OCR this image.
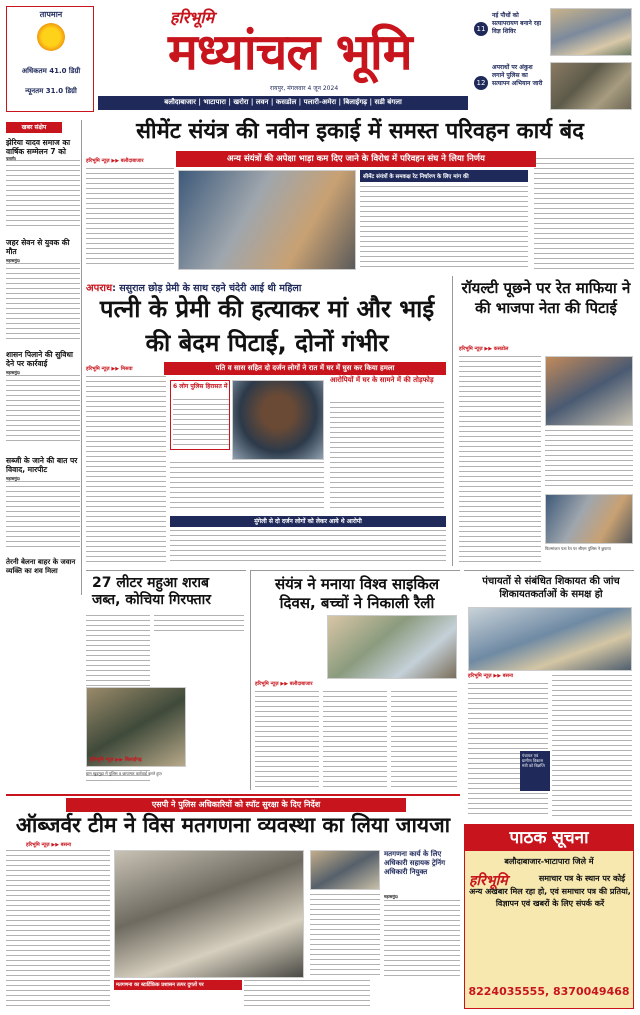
तापमान
अधिकतम 41.0 डिग्री
न्यूनतम 31.0 डिग्री
हरिभूमि
मध्यांचल भूमि
रायपुर, मंगलवार 4 जून 2024
11
नई पौधों को सत्यापरायण बनाने रहा विज्ञ शिविर
12
अपराधों पर अंकुश लगाने पुलिस का सत्यापन अभियान जारी
बलौदाबाजार | भाटापारा | खरोरा | लवन | कसडोल | पलारी-अमेरा | बिलाईगढ़ | सडी बंगला
खबर संक्षेप
झेरिया यादव समाज का वार्षिक सम्मेलन 7 को
पलारी।
जहर सेवन से युवक की मौत
महासमुंद।
शासन पिलाने की सुविधा देने पर कार्रवाई
महासमुंद।
सब्जी के जाने की बात पर विवाद, मारपीट
महासमुंद।
तेरनी बेलना बाहर के जवान व्यक्ति का शव मिला
सीमेंट संयंत्र की नवीन इकाई में समस्त परिवहन कार्य बंद
अन्य संयंत्रों की अपेक्षा भाड़ा कम दिए जाने के विरोध में परिवहन संघ ने लिया निर्णय
हरिभूमि न्यूज़ ▶▶ बलौदाबाजार
सीमेंट संयंत्रों के समकक्ष रेट निर्धारण के लिए मांग की
अपराध: ससुराल छोड़ प्रेमी के साथ रहने चंदेरी आई थी महिला
पत्नी के प्रेमी की हत्याकर मां और भाई की बेदम पिटाई, दोनों गंभीर
हरिभूमि न्यूज़ ▶▶ मिसवा	पति व सास सहित दो दर्जन लोगों ने रात में घर में घुस कर किया हमला
6 लोग पुलिस हिरासत में
आरोपियों में घर के सामने में की तोड़फोड़
मुंगेली से दो दर्जन लोगों को लेकर आये थे आरोपी
रॉयल्टी पूछने पर रेत माफिया ने की भाजपा नेता की पिटाई
हरिभूमि न्यूज़ ▶▶ कसडोल
फिल्मांकन पता रेत पर सीएम पुलिस ने छुपाया
27 लीटर महुआ शराब जब्त, कोचिया गिरफ्तार
हरिभूमि न्यूज़ ▶▶ बिलाईगढ़
ग्राम खुड़मुड़ा में पुलिस व छापामार कार्रवाई करते हुए।
संयंत्र ने मनाया विश्व साइकिल दिवस, बच्चों ने निकाली रैली
हरिभूमि न्यूज़ ▶▶ बलौदाबाजार
पंचायतों से संबंधित शिकायत की जांच शिकायतकर्ताओं के समक्ष हो
हरिभूमि न्यूज़ ▶▶ बसना
पंचायत एवं ग्रामीण विकास मंत्री को बिज्ञप्ति
एसपी ने पुलिस अधिकारियों को स्पॉट सुरक्षा के दिए निर्देश
ऑब्जर्वर टीम ने विस मतगणना व्यवस्था का लिया जायजा
हरिभूमि न्यूज़ ▶▶ बसना
मतगणना का स्टार्टिफ़िक प्रशासन तत्पर दुगतों पर
मतगणना कार्य के लिए अधिकारी सहायक ट्रेनिंग अधिकारी नियुक्त
महासमुंद।
पाठक सूचना
बलौदाबाजार-भाटापारा जिले में
हरिभूमि	समाचार पत्र के स्थान पर कोई अन्य अखबार मिल रहा हो, एवं समाचार पत्र की प्रतियां, विज्ञापन एवं खबरों के लिए संपर्क करें
8224035555, 8370049468
